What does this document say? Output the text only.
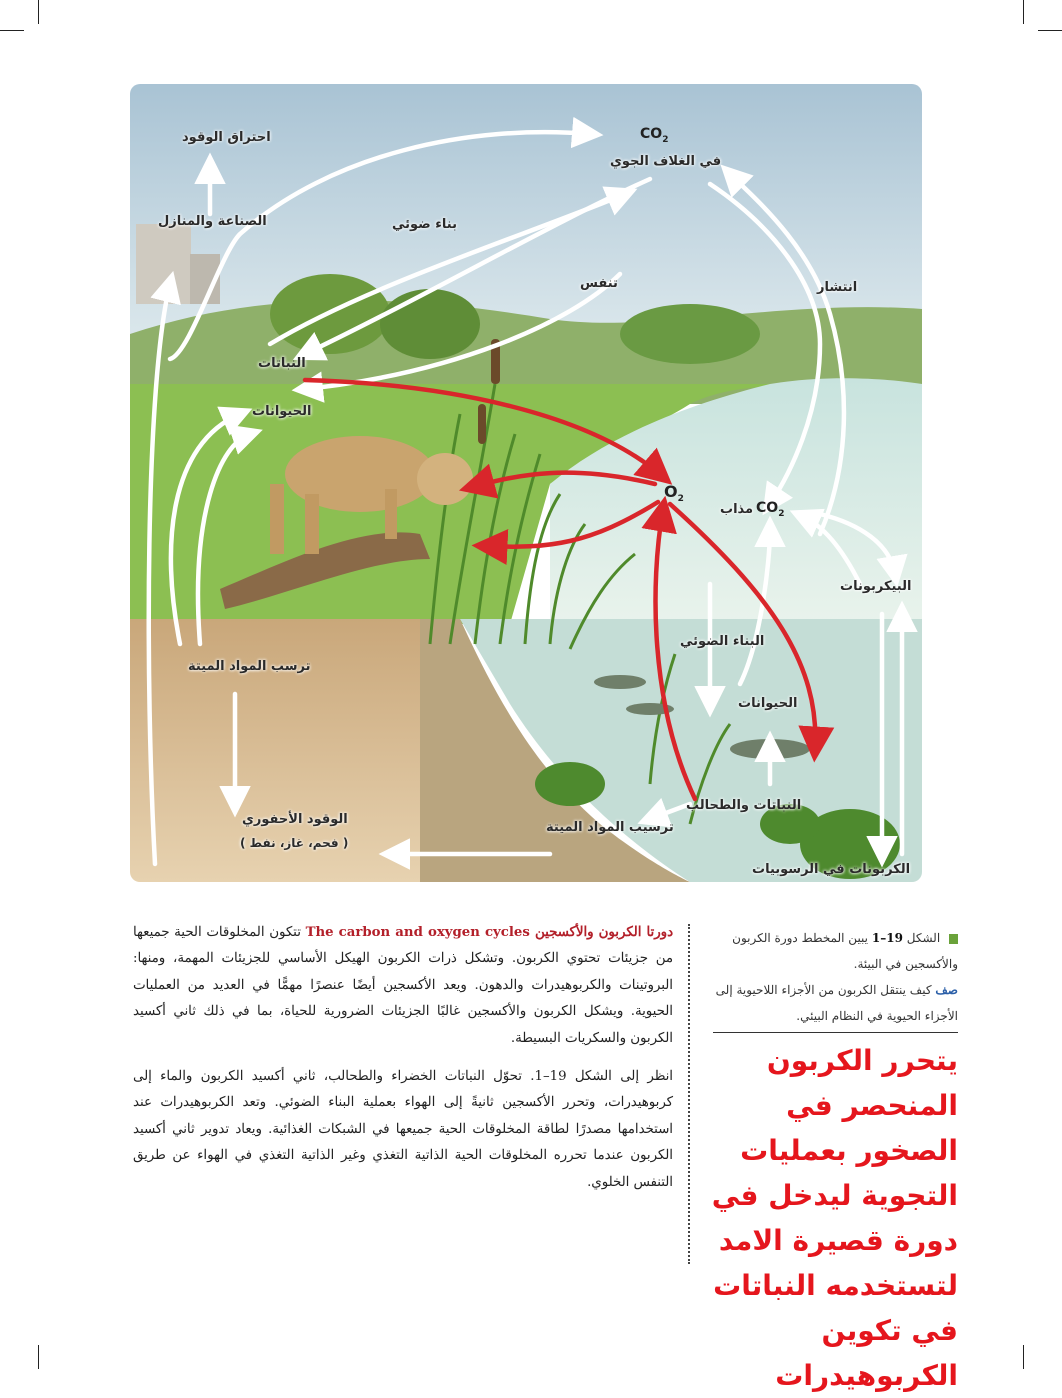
احتراق الوقود	$CO_2$
في الغلاف الجوي
الصناعة والمنازل	بناء ضوئي
تنفس	انتشار
النباتات
الحيوانات
$O_2$
مذاب $CO_2$
البيكربونات
البناء الضوئي
الحيوانات
النباتات والطحالب
ترسب المواد الميتة
ترسيب المواد الميتة
الوقود الأحفوري
( فحم، غاز، نفط )
الكربونات في الرسوبيات

دورتا الكربون والأكسجين The carbon and oxygen cycles تتكون المخلوقات الحية جميعها من جزيئات تحتوي الكربون. وتشكل ذرات الكربون الهيكل الأساسي للجزيئات المهمة، ومنها: البروتينات والكربوهيدرات والدهون. ويعد الأكسجين أيضًا عنصرًا مهمًّا في العديد من العمليات الحيوية. ويشكل الكربون والأكسجين غالبًا الجزيئات الضرورية للحياة، بما في ذلك ثاني أكسيد الكربون والسكريات البسيطة.

انظر إلى الشكل 19–1. تحوّل النباتات الخضراء والطحالب، ثاني أكسيد الكربون والماء إلى كربوهيدرات، وتحرر الأكسجين ثانيةً إلى الهواء بعملية البناء الضوئي. وتعد الكربوهيدرات عند استخدامها مصدرًا لطاقة المخلوقات الحية جميعها في الشبكات الغذائية. ويعاد تدوير ثاني أكسيد الكربون عندما تحرره المخلوقات الحية الذاتية التغذي وغير الذاتية التغذي في الهواء عن طريق التنفس الخلوي.

الشكل 19–1 يبين المخطط دورة الكربون والأكسجين في البيئة.
صف كيف ينتقل الكربون من الأجزاء اللاحيوية إلى الأجزاء الحيوية في النظام البيئي.
يتحرر الكربون المنحصر في الصخور بعمليات التجوية ليدخل في دورة قصيرة الامد لتستخدمه النباتات في تكوين الكربوهيدرات
